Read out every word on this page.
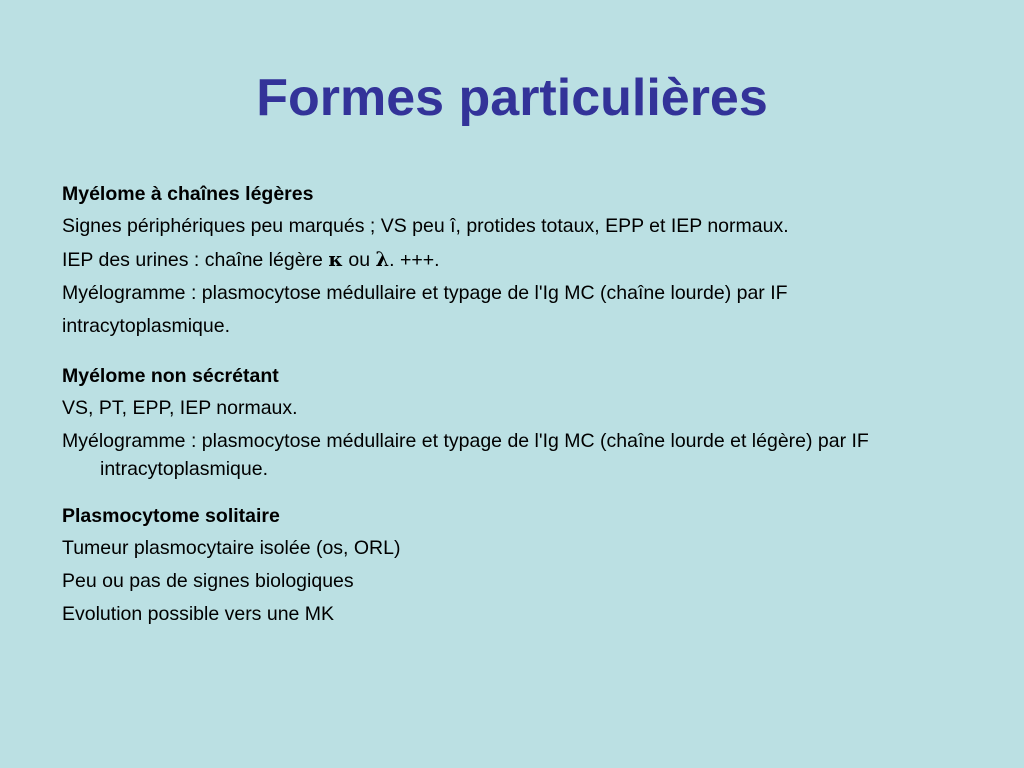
Formes particulières
Myélome à chaînes légères
Signes périphériques peu marqués ; VS peu î, protides totaux, EPP et IEP normaux.
IEP des urines : chaîne légère κ ou λ. +++.
Myélogramme : plasmocytose médullaire et typage de l'Ig MC (chaîne lourde) par IF
intracytoplasmique.
Myélome non sécrétant
VS, PT, EPP, IEP normaux.
Myélogramme : plasmocytose médullaire et typage de l'Ig MC (chaîne lourde et légère) par IF intracytoplasmique.
Plasmocytome solitaire
Tumeur plasmocytaire isolée (os, ORL)
Peu ou pas de signes biologiques
Evolution possible vers une MK
